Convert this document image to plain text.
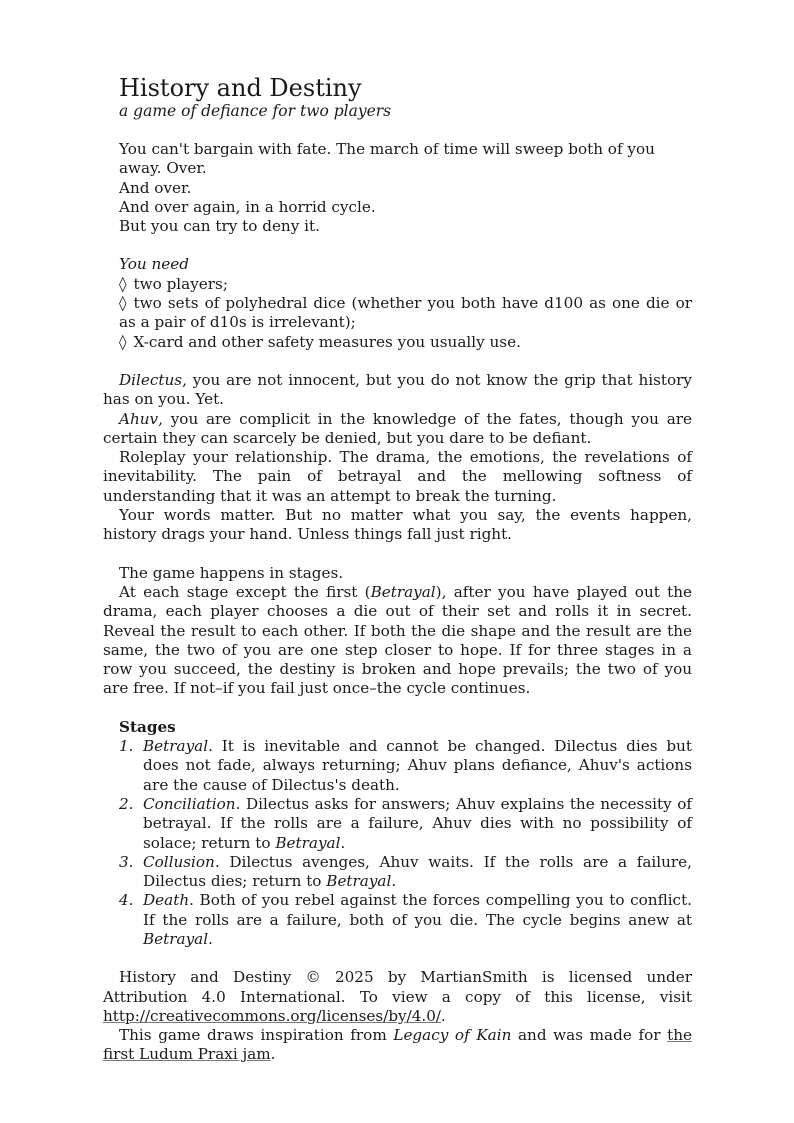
History and Destiny
a game of defiance for two players

You can't bargain with fate. The march of time will sweep both of you away. Over.

And over.

And over again, in a horrid cycle.

But you can try to deny it.

You need

◊ two players;
◊ two sets of polyhedral dice (whether you both have d100 as one die or as a pair of d10s is irrelevant);
◊ X-card and other safety measures you usually use.

Dilectus, you are not innocent, but you do not know the grip that history has on you. Yet.

Ahuv, you are complicit in the knowledge of the fates, though you are certain they can scarcely be denied, but you dare to be defiant.

Roleplay your relationship. The drama, the emotions, the revelations of inevitability. The pain of betrayal and the mellowing softness of understanding that it was an attempt to break the turning.

Your words matter. But no matter what you say, the events happen, history drags your hand. Unless things fall just right.

The game happens in stages.

At each stage except the first (Betrayal), after you have played out the drama, each player chooses a die out of their set and rolls it in secret. Reveal the result to each other. If both the die shape and the result are the same, the two of you are one step closer to hope. If for three stages in a row you succeed, the destiny is broken and hope prevails; the two of you are free. If not–if you fail just once–the cycle continues.

Stages
1. Betrayal. It is inevitable and cannot be changed. Dilectus dies but does not fade, always returning; Ahuv plans defiance, Ahuv's actions are the cause of Dilectus's death.
2. Conciliation. Dilectus asks for answers; Ahuv explains the necessity of betrayal. If the rolls are a failure, Ahuv dies with no possibility of solace; return to Betrayal.
3. Collusion. Dilectus avenges, Ahuv waits. If the rolls are a failure, Dilectus dies; return to Betrayal.
4. Death. Both of you rebel against the forces compelling you to conflict. If the rolls are a failure, both of you die. The cycle begins anew at Betrayal.

History and Destiny © 2025 by MartianSmith is licensed under Attribution 4.0 International. To view a copy of this license, visit http://creativecommons.org/licenses/by/4.0/.

This game draws inspiration from Legacy of Kain and was made for the first Ludum Praxi jam.
